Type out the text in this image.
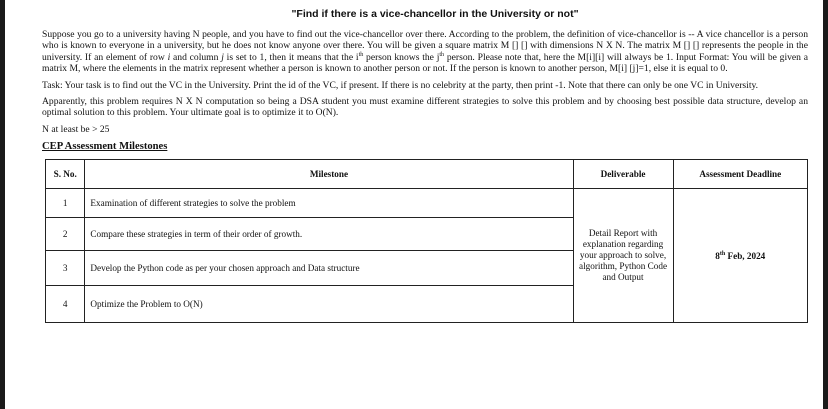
"Find if there is a vice-chancellor in the University or not"

Suppose you go to a university having N people, and you have to find out the vice-chancellor over there. According to the problem, the definition of vice-chancellor is -- A vice chancellor is a person who is known to everyone in a university, but he does not know anyone over there. You will be given a square matrix M [] [] with dimensions N X N. The matrix M [] [] represents the people in the university. If an element of row i and column j is set to 1, then it means that the $i^{th}$ person knows the $j^{th}$ person. Please note that, here the M[i][i] will always be 1. Input Format: You will be given a matrix M, where the elements in the matrix represent whether a person is known to another person or not. If the person is known to another person, M[i] [j]=1, else it is equal to 0.

Task: Your task is to find out the VC in the University. Print the id of the VC, if present. If there is no celebrity at the party, then print -1. Note that there can only be one VC in University.

Apparently, this problem requires N X N computation so being a DSA student you must examine different strategies to solve this problem and by choosing best possible data structure, develop an optimal solution to this problem. Your ultimate goal is to optimize it to O(N).

N at least be > 25

CEP Assessment Milestones
S. No.	Milestone	Deliverable	Assessment Deadline
1	Examination of different strategies to solve the problem	Detail Report with explanation regarding your approach to solve, algorithm, Python Code and Output	8th Feb, 2024
2	Compare these strategies in term of their order of growth.		
3	Develop the Python code as per your chosen approach and Data structure		
4	Optimize the Problem to O(N)		
